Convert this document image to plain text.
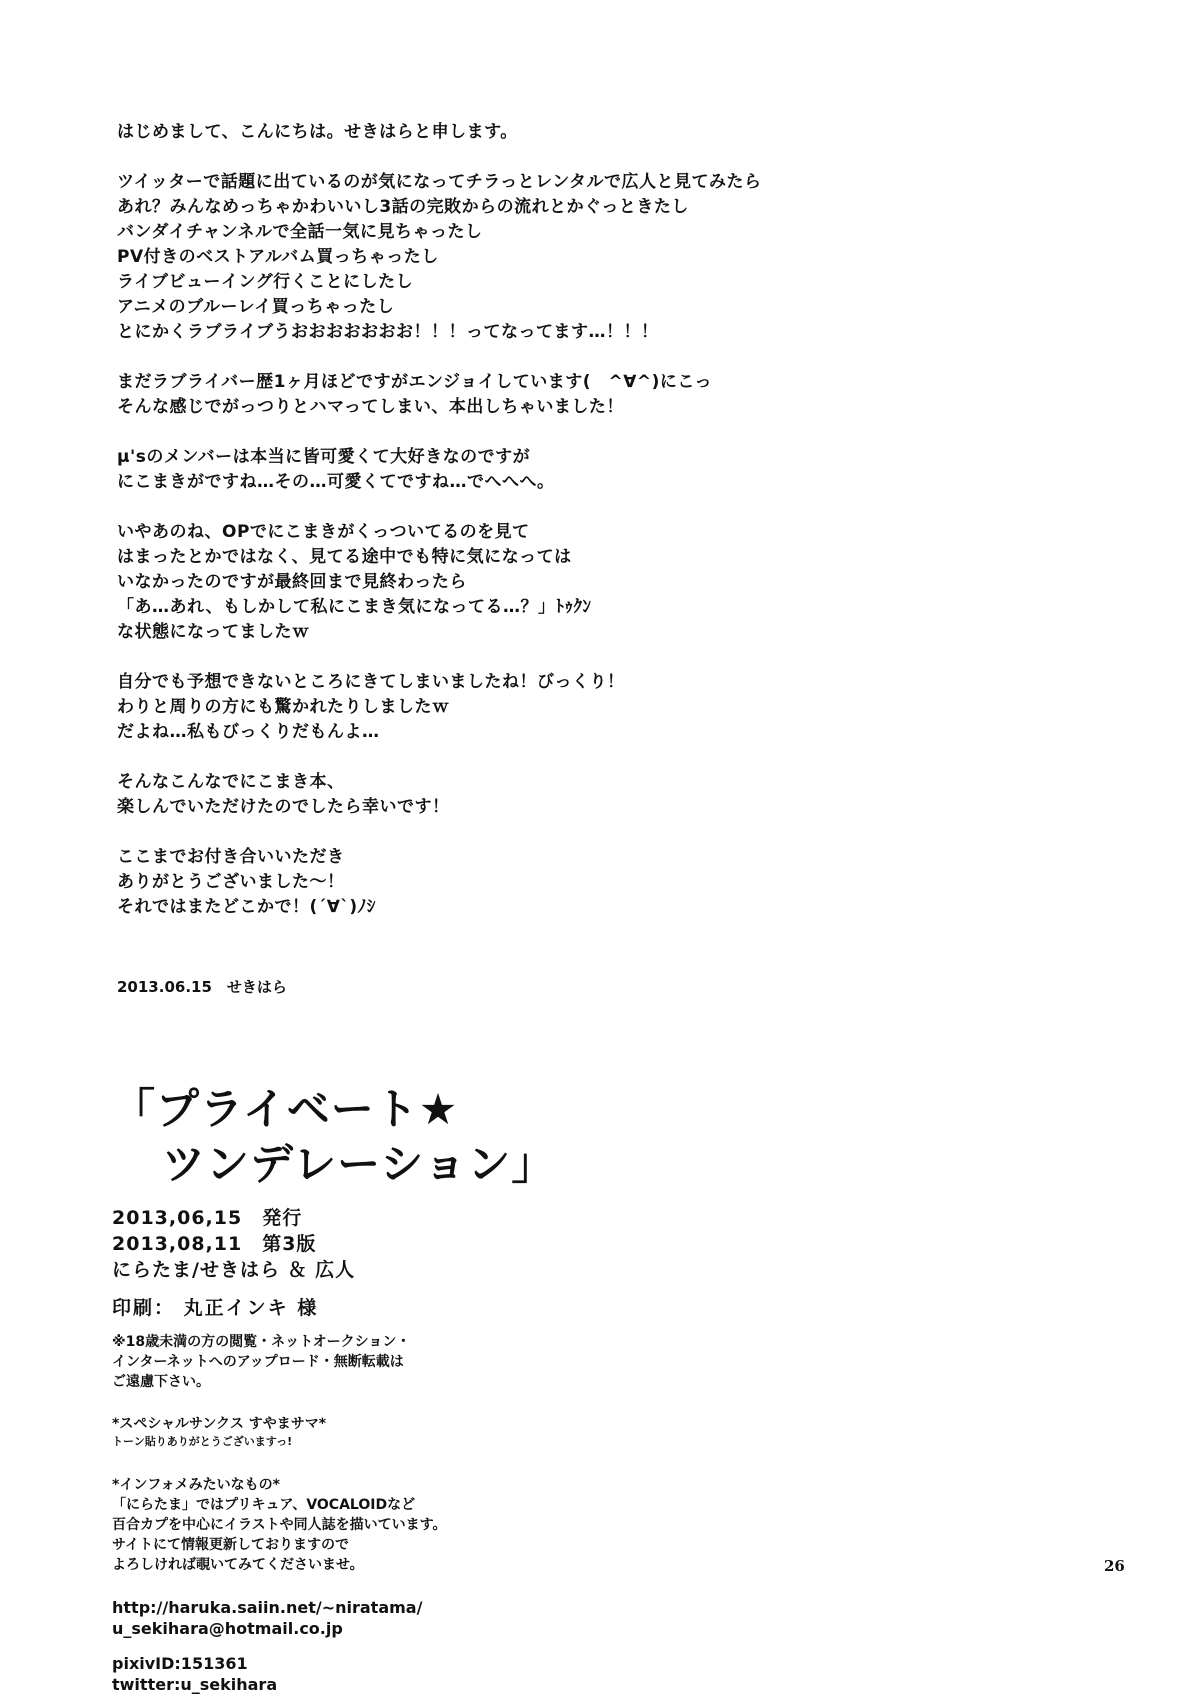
はじめまして、こんにちは。せきはらと申します。
ツイッターで話題に出ているのが気になってチラっとレンタルで広人と見てみたら
あれ？みんなめっちゃかわいいし3話の完敗からの流れとかぐっときたし
バンダイチャンネルで全話一気に見ちゃったし
PV付きのベストアルバム買っちゃったし
ライブビューイング行くことにしたし
アニメのブルーレイ買っちゃったし
とにかくラブライブうおおおおおおお！！！ってなってます…！！！
まだラブライバー歴1ヶ月ほどですがエンジョイしています(　^∀^)にこっ
そんな感じでがっつりとハマってしまい、本出しちゃいました！
μ'sのメンバーは本当に皆可愛くて大好きなのですが
にこまきがですね…その…可愛くてですね…でへへへ。
いやあのね、OPでにこまきがくっついてるのを見て
はまったとかではなく、見てる途中でも特に気になっては
いなかったのですが最終回まで見終わったら
「あ…あれ、もしかして私にこまき気になってる…？」ﾄｩｸﾝ
な状態になってましたｗ
自分でも予想できないところにきてしまいましたね！びっくり！
わりと周りの方にも驚かれたりしましたｗ
だよね…私もびっくりだもんよ…
そんなこんなでにこまき本、
楽しんでいただけたのでしたら幸いです！
ここまでお付き合いいただき
ありがとうございました～！
それではまたどこかで！(´∀`)ﾉｼ
2013.06.15　せきはら
「プライベート★
ツンデレーション」
2013,06,15　発行
2013,08,11　第3版
にらたま/せきはら ＆ 広人
印刷： 丸正インキ 様
※18歳未満の方の閲覧・ネットオークション・
インターネットへのアップロード・無断転載は
ご遠慮下さい。
*スペシャルサンクス すやまサマ*
トーン貼りありがとうございますっ!
*インフォメみたいなもの*
「にらたま」ではプリキュア、VOCALOIDなど
百合カプを中心にイラストや同人誌を描いています。
サイトにて情報更新しておりますので
よろしければ覗いてみてくださいませ。
http://haruka.saiin.net/~niratama/
u_sekihara@hotmail.co.jp
pixivID:151361
twitter:u_sekihara
26
